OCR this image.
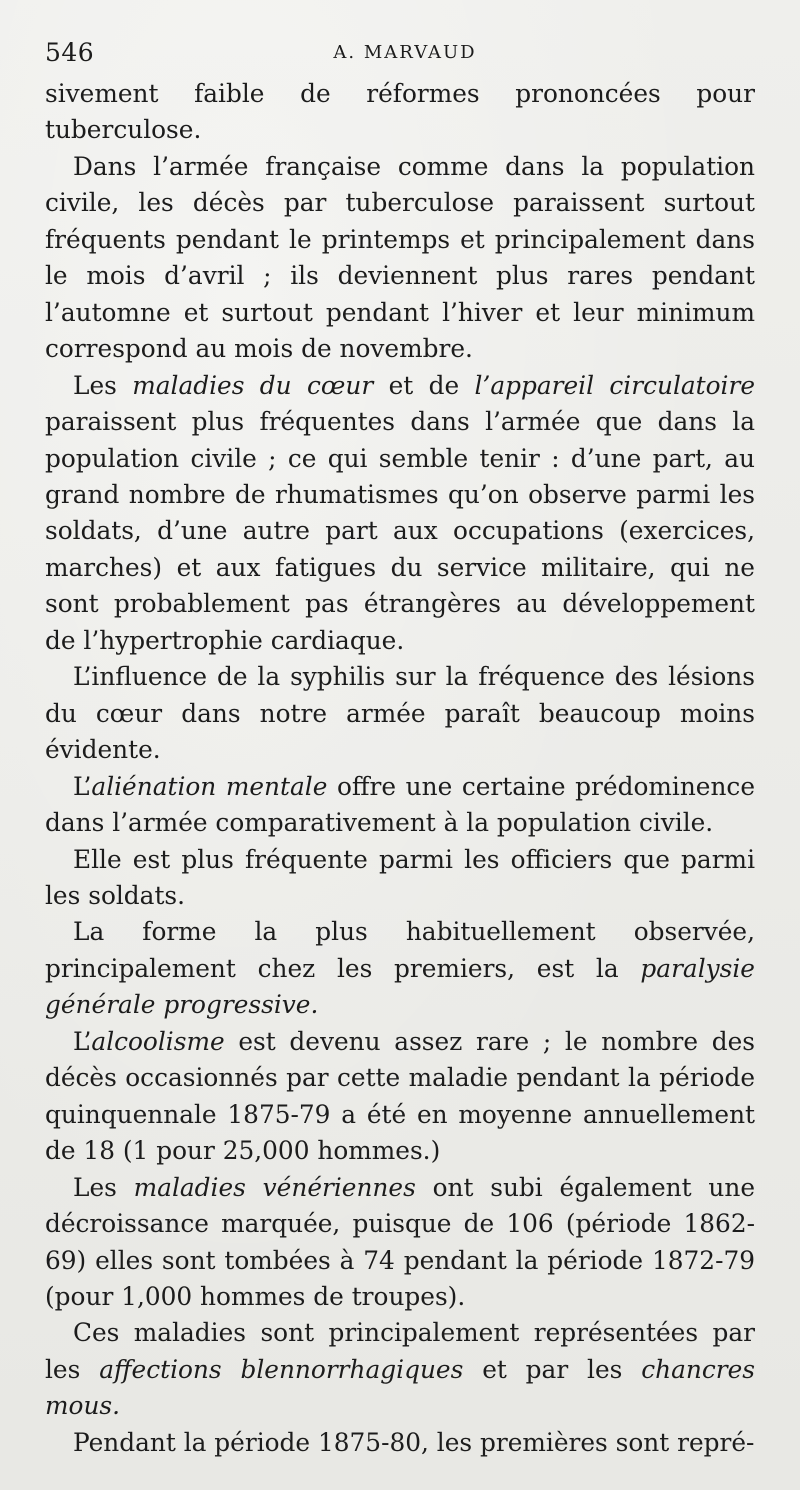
546	A. MARVAUD

sivement faible de réformes prononcées pour tuberculose.

Dans l’armée française comme dans la population civile, les décès par tuberculose paraissent surtout fréquents pendant le printemps et principalement dans le mois d’avril ; ils deviennent plus rares pendant l’automne et surtout pendant l’hiver et leur minimum correspond au mois de novembre.

Les maladies du cœur et de l’appareil circulatoire paraissent plus fréquentes dans l’armée que dans la population civile ; ce qui semble tenir : d’une part, au grand nombre de rhumatismes qu’on observe parmi les soldats, d’une autre part aux occupations (exercices, marches) et aux fatigues du service militaire, qui ne sont probablement pas étrangères au développement de l’hypertrophie cardiaque.

L’influence de la syphilis sur la fréquence des lésions du cœur dans notre armée paraît beaucoup moins évidente.

L’aliénation mentale offre une certaine prédominence dans l’armée comparativement à la population civile.

Elle est plus fréquente parmi les officiers que parmi les soldats.

La forme la plus habituellement observée, principalement chez les premiers, est la paralysie générale progressive.

L’alcoolisme est devenu assez rare ; le nombre des décès occasionnés par cette maladie pendant la période quinquennale 1875-79 a été en moyenne annuellement de 18 (1 pour 25,000 hommes.)

Les maladies vénériennes ont subi également une décroissance marquée, puisque de 106 (période 1862-69) elles sont tombées à 74 pendant la période 1872-79 (pour 1,000 hommes de troupes).

Ces maladies sont principalement représentées par les affections blennorrhagiques et par les chancres mous.

Pendant la période 1875-80, les premières sont repré-
